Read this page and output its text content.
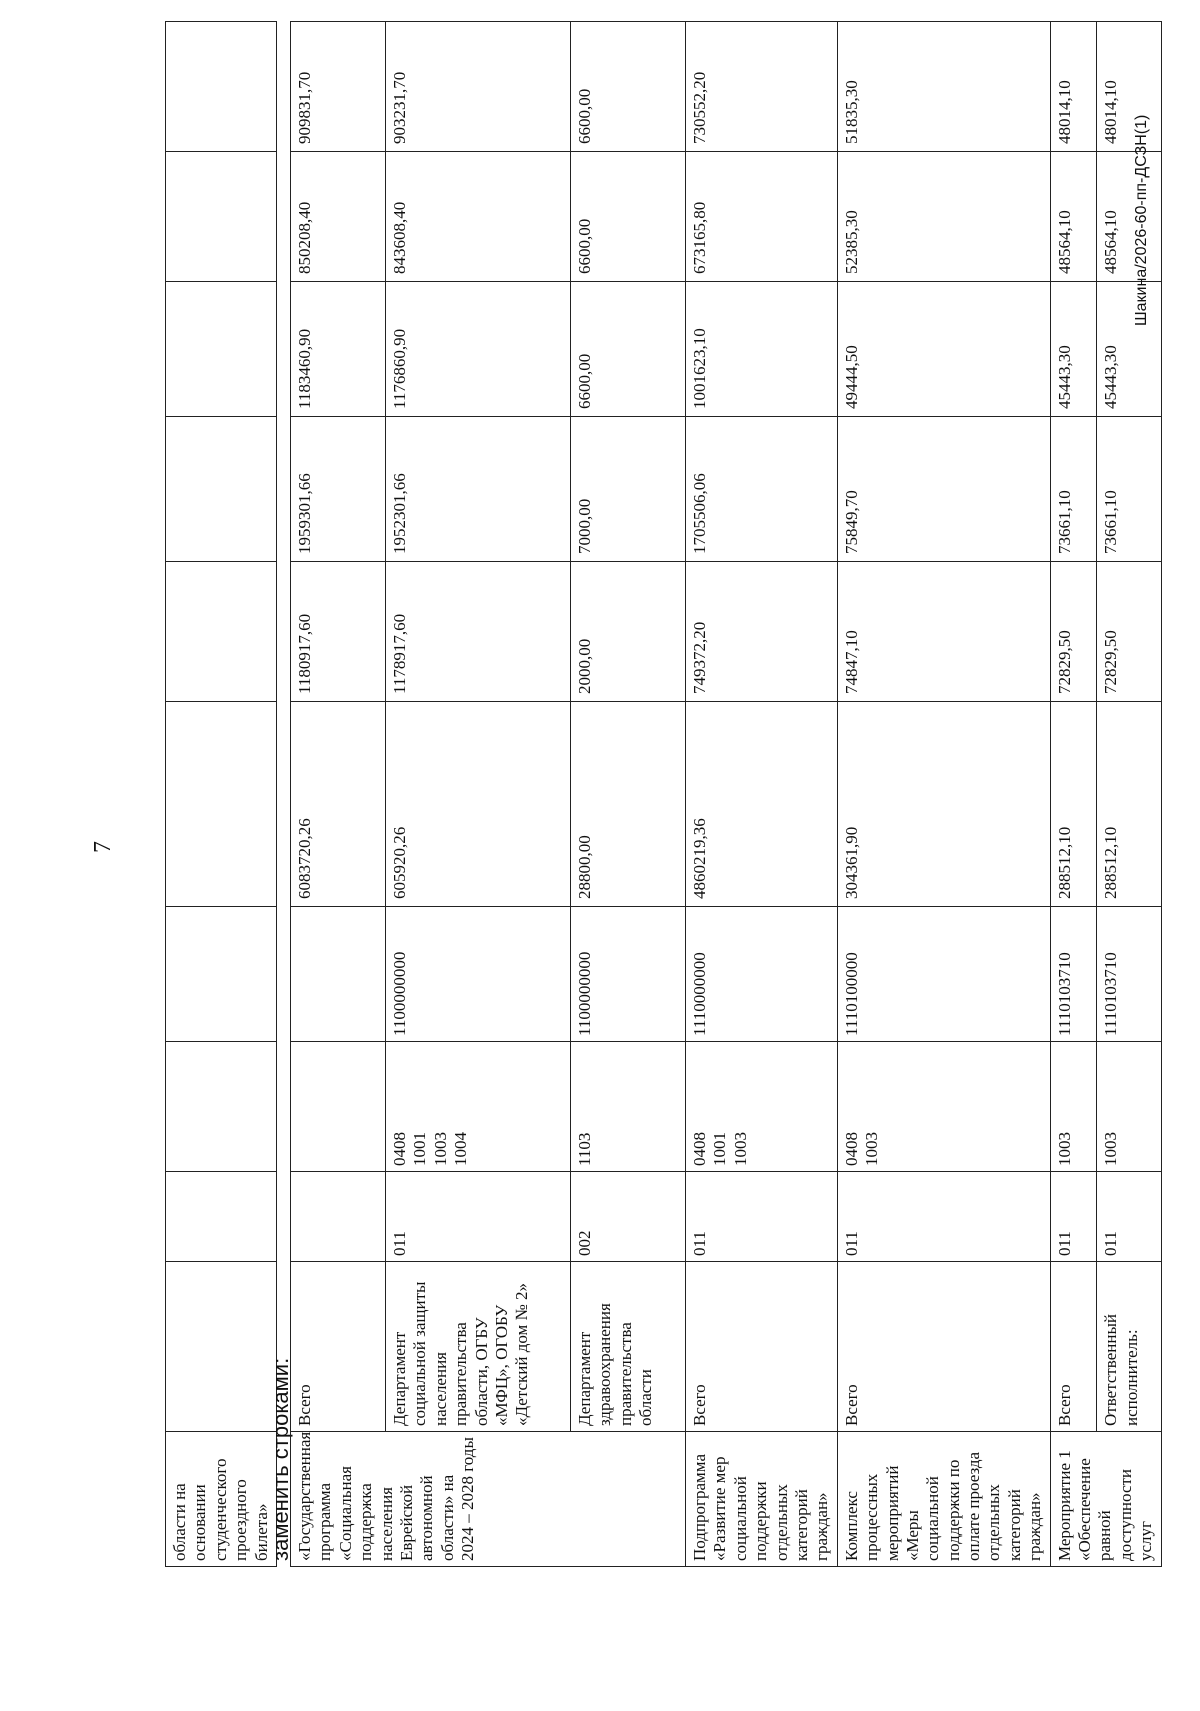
7
области на основании студенческого проездного билета»										
заменить строками: «Государственная программа «Социальная поддержка населения Еврейской автономной области» на 2024 – 2028 годы	Всего				6083720,26	1180917,60	1959301,66	1183460,90	850208,40	909831,70
	Департамент социальной защиты населения правительства области, ОГБУ «МФЦ», ОГОБУ «Детский дом № 2»	011	0408 1001 1003 1004	1100000000	605920,26	1178917,60	1952301,66	1176860,90	843608,40	903231,70
	Департамент здравоохранения правительства области	002	1103	1100000000	28800,00	2000,00	7000,00	6600,00	6600,00	6600,00
Подпрограмма «Развитие мер социальной поддержки отдельных категорий граждан»	Всего	011	0408 1001 1003	1110000000	4860219,36	749372,20	1705506,06	1001623,10	673165,80	730552,20
Комплекс процессных мероприятий «Меры социальной поддержки по оплате проезда отдельных категорий граждан»	Всего	011	0408 1003	1110100000	304361,90	74847,10	75849,70	49444,50	52385,30	51835,30
Мероприятие 1 «Обеспечение равной доступности услуг	Всего	011	1003	1110103710	288512,10	72829,50	73661,10	45443,30	48564,10	48014,10
	Ответственный исполнитель:	011	1003	1110103710	288512,10	72829,50	73661,10	45443,30	48564,10	48014,10
Шакина/2026-60-пп-ДСЗН(1)
